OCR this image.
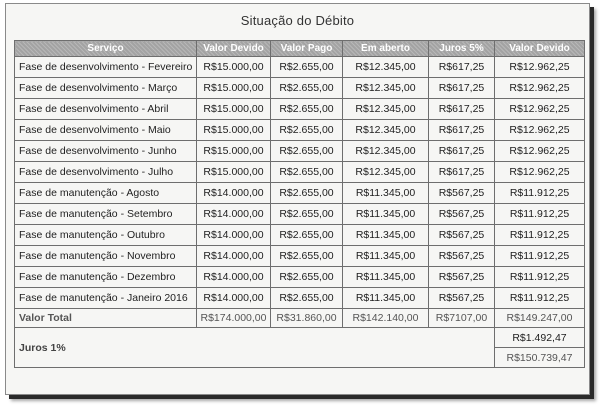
Situação do Débito
Serviço	Valor Devido	Valor Pago	Em aberto	Juros 5%	Valor Devido
Fase de desenvolvimento - Fevereiro	R$15.000,00	R$2.655,00	R$12.345,00	R$617,25	R$12.962,25
Fase de desenvolvimento - Março	R$15.000,00	R$2.655,00	R$12.345,00	R$617,25	R$12.962,25
Fase de desenvolvimento - Abril	R$15.000,00	R$2.655,00	R$12.345,00	R$617,25	R$12.962,25
Fase de desenvolvimento - Maio	R$15.000,00	R$2.655,00	R$12.345,00	R$617,25	R$12.962,25
Fase de desenvolvimento - Junho	R$15.000,00	R$2.655,00	R$12.345,00	R$617,25	R$12.962,25
Fase de desenvolvimento - Julho	R$15.000,00	R$2.655,00	R$12.345,00	R$617,25	R$12.962,25
Fase de manutenção - Agosto	R$14.000,00	R$2.655,00	R$11.345,00	R$567,25	R$11.912,25
Fase de manutenção - Setembro	R$14.000,00	R$2.655,00	R$11.345,00	R$567,25	R$11.912,25
Fase de manutenção - Outubro	R$14.000,00	R$2.655,00	R$11.345,00	R$567,25	R$11.912,25
Fase de manutenção - Novembro	R$14.000,00	R$2.655,00	R$11.345,00	R$567,25	R$11.912,25
Fase de manutenção - Dezembro	R$14.000,00	R$2.655,00	R$11.345,00	R$567,25	R$11.912,25
Fase de manutenção - Janeiro 2016	R$14.000,00	R$2.655,00	R$11.345,00	R$567,25	R$11.912,25
Valor Total	R$174.000,00	R$31.860,00	R$142.140,00	R$7107,00	R$149.247,00
Juros 1%					R$1.492,47
					R$150.739,47
